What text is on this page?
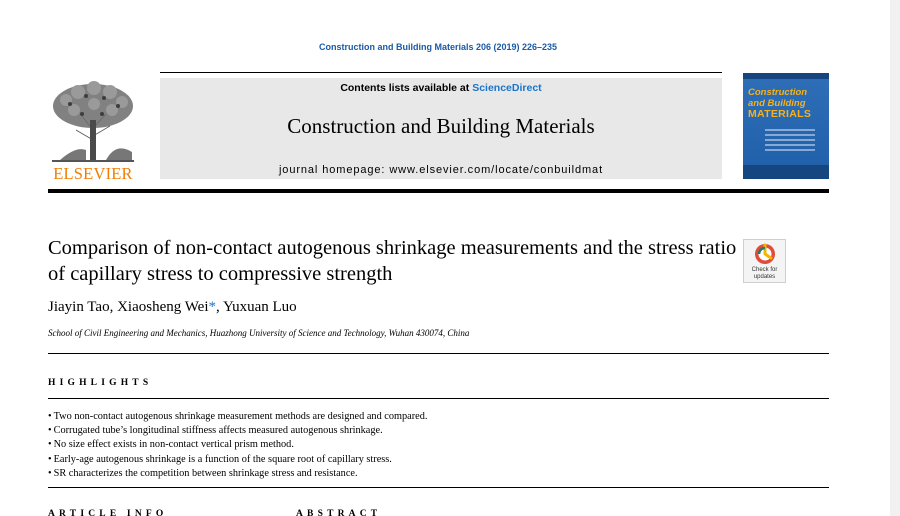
Construction and Building Materials 206 (2019) 226–235
ELSEVIER
Contents lists available at ScienceDirect
Construction and Building Materials
journal homepage: www.elsevier.com/locate/conbuildmat
Construction
and Building
MATERIALS
Comparison of non-contact autogenous shrinkage measurements and the stress ratio of capillary stress to compressive strength	Check for
updates
Jiayin Tao, Xiaosheng Wei*, Yuxuan Luo
School of Civil Engineering and Mechanics, Huazhong University of Science and Technology, Wuhan 430074, China
HIGHLIGHTS
• Two non-contact autogenous shrinkage measurement methods are designed and compared.
• Corrugated tube’s longitudinal stiffness affects measured autogenous shrinkage.
• No size effect exists in non-contact vertical prism method.
• Early-age autogenous shrinkage is a function of the square root of capillary stress.
• SR characterizes the competition between shrinkage stress and resistance.
ARTICLE INFO	ABSTRACT
